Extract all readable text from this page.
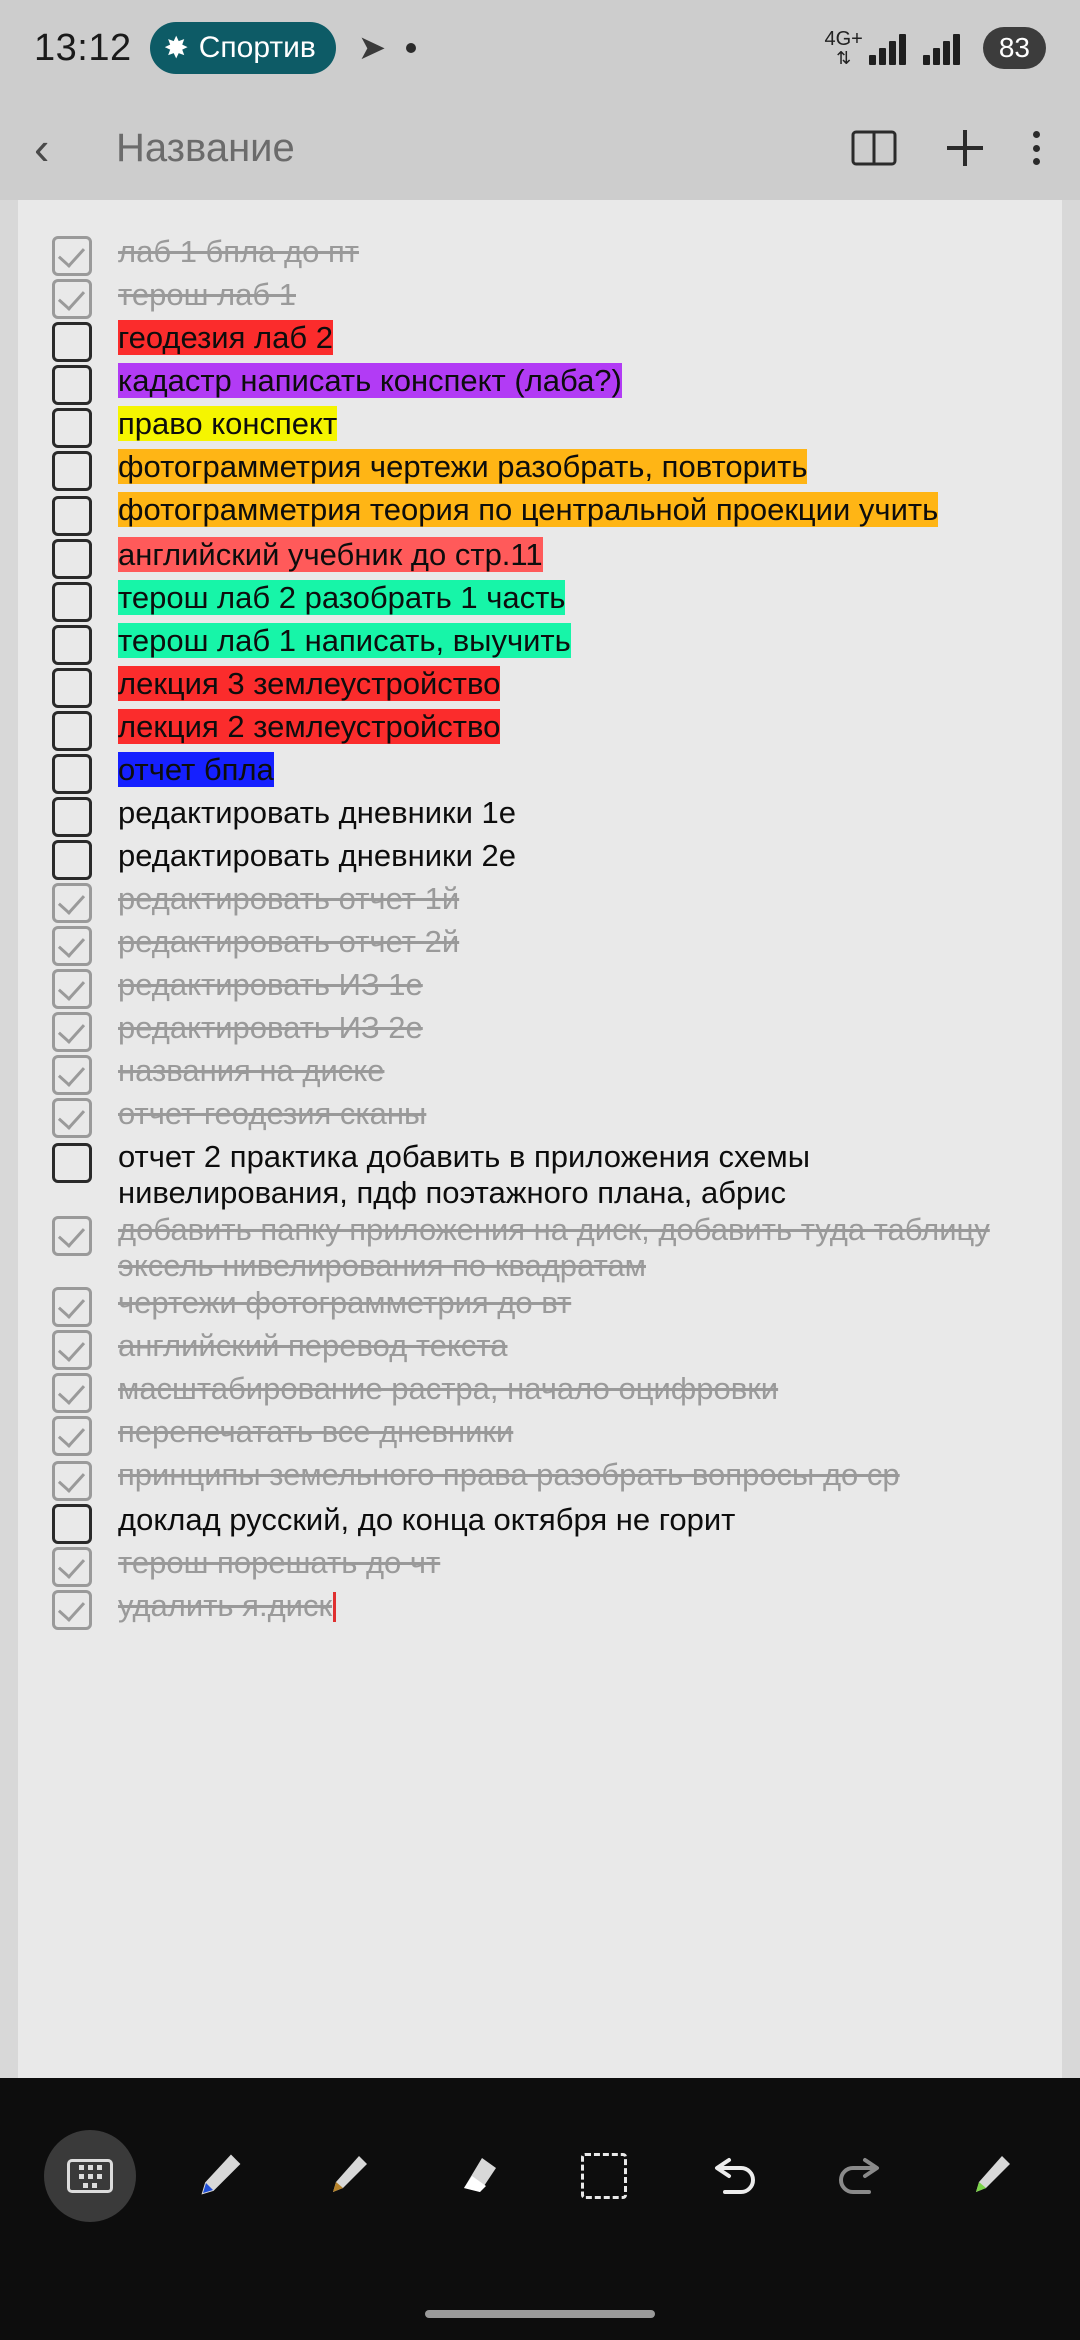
13:12 ✸ Спортив ➤	4G+
⇅	83
‹	Название
лаб 1 бпла до пт
терош лаб 1
геодезия лаб 2
кадастр написать конспект (лаба?)
право конспект
фотограмметрия чертежи разобрать, повторить
фотограмметрия теория по центральной проекции учить
английский учебник до стр.11
терош лаб 2 разобрать 1 часть
терош лаб 1 написать, выучить
лекция 3 землеустройство
лекция 2 землеустройство
отчет бпла
редактировать дневники 1е
редактировать дневники 2е
редактировать отчет 1й
редактировать отчет 2й
редактировать ИЗ 1е
редактировать ИЗ 2е
названия на диске
отчет геодезия сканы
отчет 2 практика добавить в приложения схемы нивелирования, пдф поэтажного плана, абрис
добавить папку приложения на диск, добавить туда таблицу эксель нивелирования по квадратам
чертежи фотограмметрия до вт
английский перевод текста
масштабирование растра, начало оцифровки
перепечатать все дневники
принципы земельного права разобрать вопросы до ср
доклад русский, до конца октября не горит
терош порешать до чт
удалить я.диск
